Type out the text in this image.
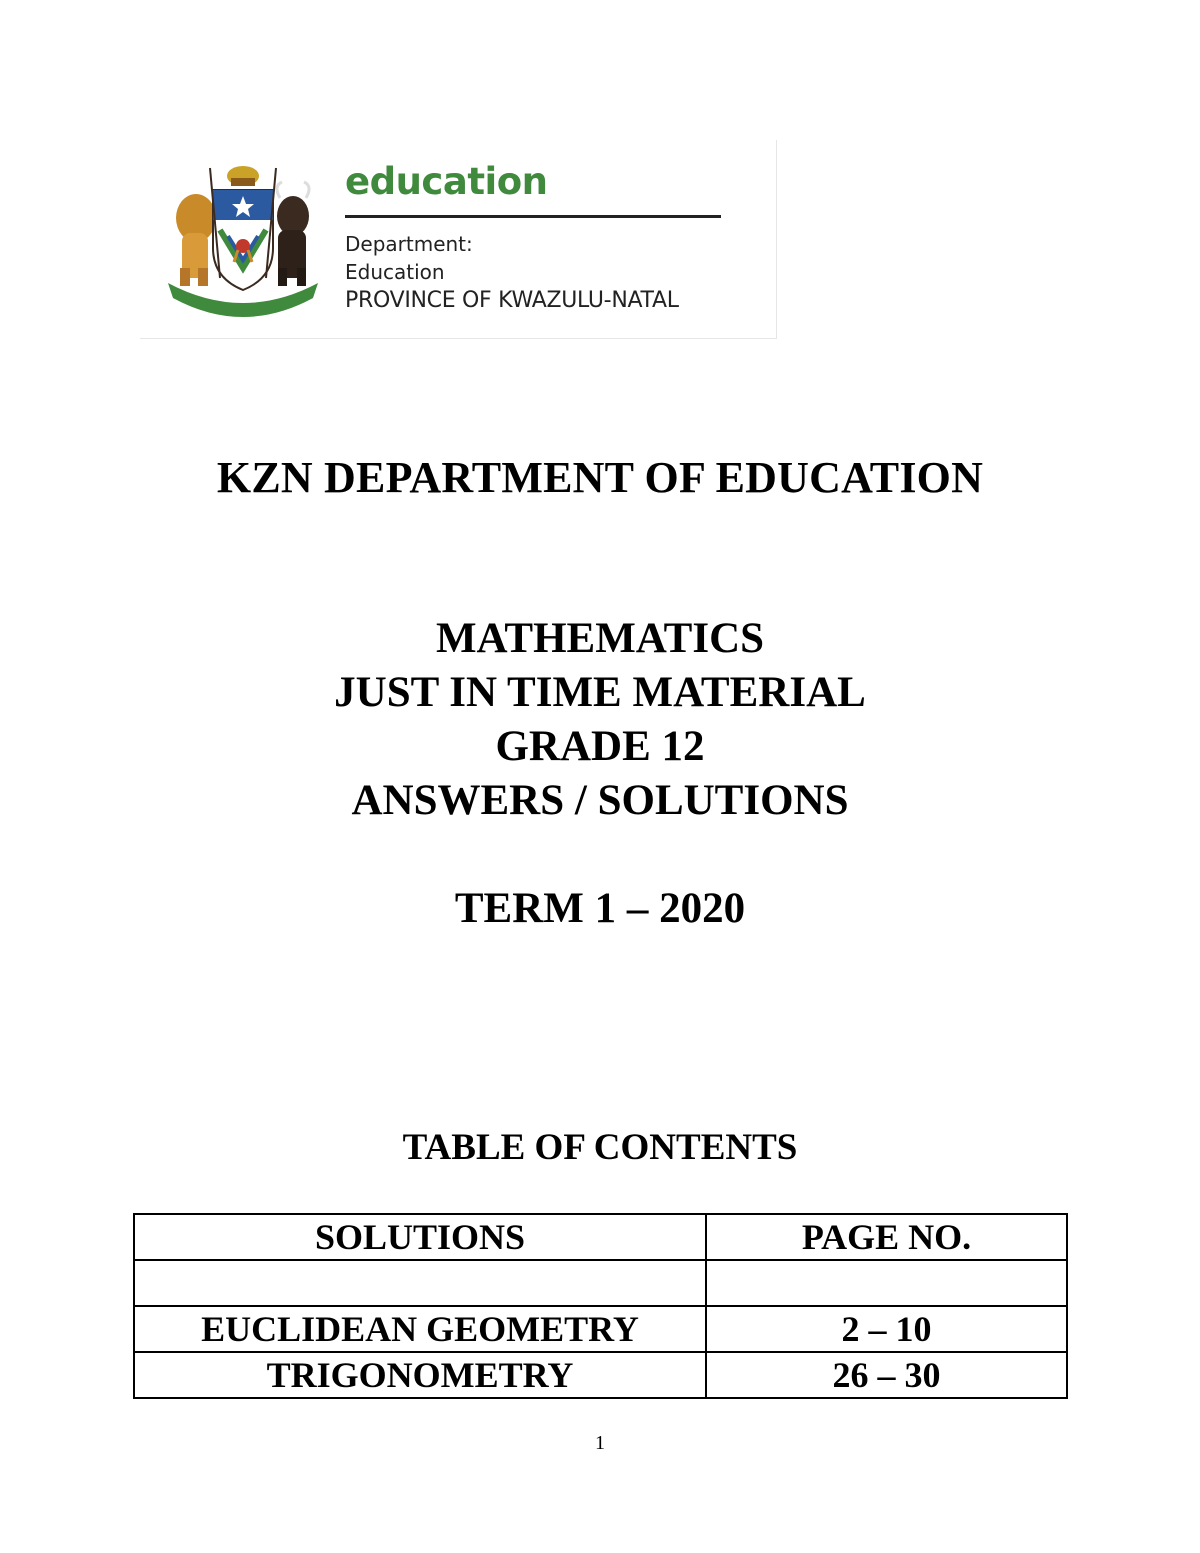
education
Department:
Education
PROVINCE OF KWAZULU-NATAL
KZN DEPARTMENT OF EDUCATION
MATHEMATICS
JUST IN TIME MATERIAL
GRADE 12
ANSWERS / SOLUTIONS
TERM 1 – 2020
TABLE OF CONTENTS
SOLUTIONS	PAGE NO.

EUCLIDEAN GEOMETRY	2 – 10
TRIGONOMETRY	26 – 30
1
